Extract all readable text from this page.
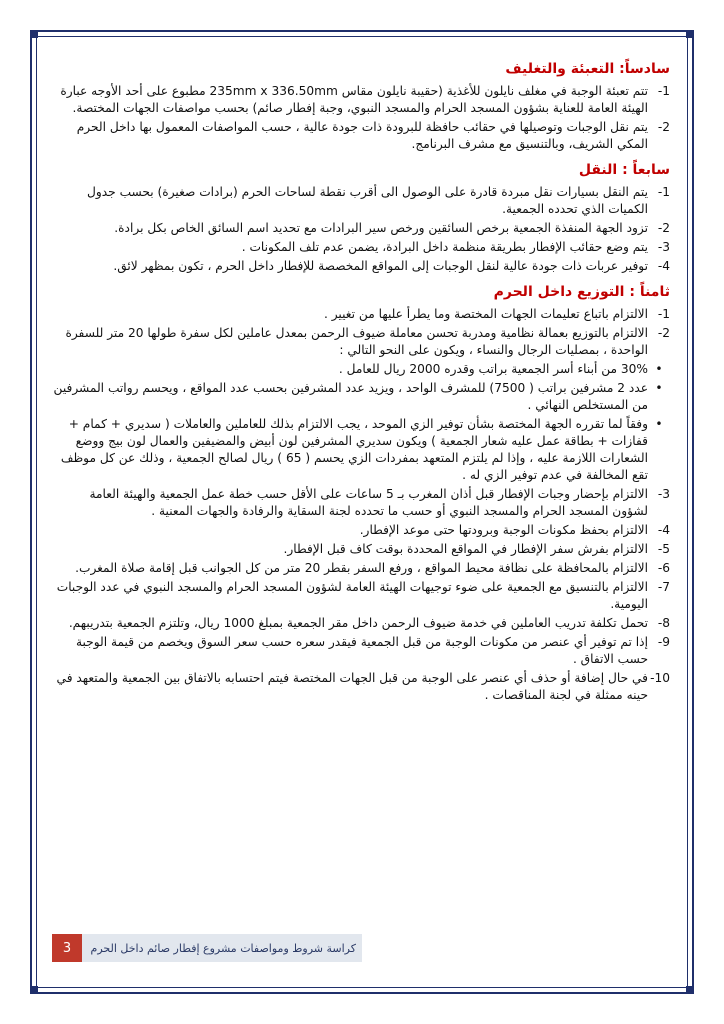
سادساً: التعبئة والتغليف
1-
تتم تعبئة الوجبة في مغلف نايلون للأغذية (حقيبة نايلون مقاس 235mm x 336.50mm مطبوع على أحد الأوجه عبارة الهيئة العامة للعناية بشؤون المسجد الحرام والمسجد النبوي، وجبة إفطار صائم) بحسب مواصفات الجهات المختصة.
2-
يتم نقل الوجبات وتوصيلها في حقائب حافظة للبرودة ذات جودة عالية ، حسب المواصفات المعمول بها داخل الحرم المكي الشريف، وبالتنسيق مع مشرف البرنامج.
سابعاً : النقل
1-
يتم النقل بسيارات نقل مبردة قادرة على الوصول الى أقرب نقطة لساحات الحرم (برادات صغيرة) بحسب جدول الكميات الذي تحدده الجمعية.
2-
تزود الجهة المنفذة الجمعية برخص السائقين ورخص سير البرادات مع تحديد اسم السائق الخاص بكل برادة.
3-
يتم وضع حقائب الإفطار بطريقة منظمة داخل البرادة، يضمن عدم تلف المكونات .
4-
توفير عربات ذات جودة عالية لنقل الوجبات إلى المواقع المخصصة للإفطار داخل الحرم ، تكون بمظهر لائق.
ثامناً : التوزيع داخل الحرم
1-
الالتزام باتباع تعليمات الجهات المختصة وما يطرأ عليها من تغيير .
2-
الالتزام بالتوزيع بعمالة نظامية ومدربة تحسن معاملة ضيوف الرحمن بمعدل عاملين لكل سفرة طولها 20 متر للسفرة الواحدة ، بمصليات الرجال والنساء ، ويكون على النحو التالي :
•
30% من أبناء أسر الجمعية براتب وقدره 2000 ريال للعامل .
•
عدد 2 مشرفين براتب ( 7500) للمشرف الواحد ، ويزيد عدد المشرفين بحسب عدد المواقع ، ويحسم رواتب المشرفين من المستخلص النهائي .
•
وفقاً لما تقرره الجهة المختصة بشأن توفير الزي الموحد ، يجب الالتزام بذلك للعاملين والعاملات ( سديري + كمام + قفازات + بطاقة عمل عليه شعار الجمعية ) ويكون سديري المشرفين لون أبيض والمضيفين والعمال لون بيج ووضع الشعارات اللازمة عليه ، وإذا لم يلتزم المتعهد بمفردات الزي يحسم ( 65 ) ريال لصالح الجمعية ، وذلك عن كل موظف تقع المخالفة في عدم توفير الزي له .
3-
الالتزام بإحضار وجبات الإفطار قبل أذان المغرب بـ 5 ساعات على الأقل حسب خطة عمل الجمعية والهيئة العامة لشؤون المسجد الحرام والمسجد النبوي أو حسب ما تحدده لجنة السقاية والرفادة والجهات المعنية .
4-
الالتزام بحفظ مكونات الوجبة وبرودتها حتى موعد الإفطار.
5-
الالتزام بفرش سفر الإفطار في المواقع المحددة بوقت كاف قبل الإفطار.
6-
الالتزام بالمحافظة على نظافة محيط المواقع ، ورفع السفر بقطر 20 متر من كل الجوانب قبل إقامة صلاة المغرب.
7-
الالتزام بالتنسيق مع الجمعية على ضوء توجيهات الهيئة العامة لشؤون المسجد الحرام والمسجد النبوي في عدد الوجبات اليومية.
8-
تحمل تكلفة تدريب العاملين في خدمة ضيوف الرحمن داخل مقر الجمعية بمبلغ 1000 ريال، وتلتزم الجمعية بتدريبهم.
9-
إذا تم توفير أي عنصر من مكونات الوجبة من قبل الجمعية فيقدر سعره حسب سعر السوق ويخصم من قيمة الوجبة حسب الاتفاق .
10-
في حال إضافة أو حذف أي عنصر على الوجبة من قبل الجهات المختصة فيتم احتسابه بالاتفاق بين الجمعية والمتعهد في حينه ممثلة في لجنة المناقصات .
3	كراسة شروط ومواصفات مشروع إفطار صائم داخل الحرم
